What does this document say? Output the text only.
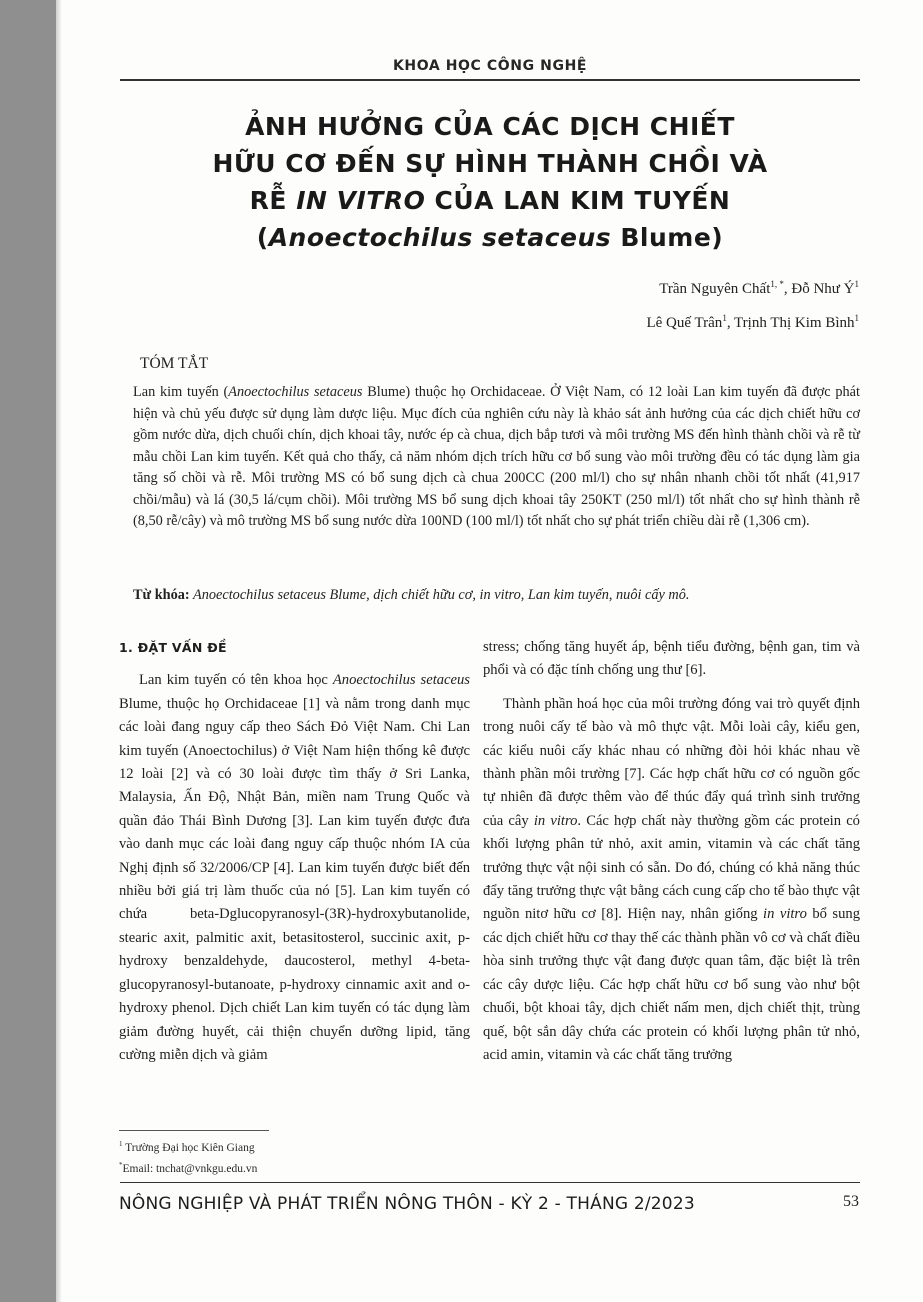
KHOA HỌC CÔNG NGHỆ
ẢNH HƯỞNG CỦA CÁC DỊCH CHIẾT
HỮU CƠ ĐẾN SỰ HÌNH THÀNH CHỒI VÀ
RỄ IN VITRO CỦA LAN KIM TUYẾN
(Anoectochilus setaceus Blume)
Trần Nguyên Chất$^{1, *}$, Đỗ Như $Ý^1$
Lê Quế Trân$^1$, Trịnh Thị Kim Bình$^1$
TÓM TẮT
Lan kim tuyến (Anoectochilus setaceus Blume) thuộc họ Orchidaceae. Ở Việt Nam, có 12 loài Lan kim tuyến đã được phát hiện và chủ yếu được sử dụng làm dược liệu. Mục đích của nghiên cứu này là khảo sát ảnh hưởng của các dịch chiết hữu cơ gồm nước dừa, dịch chuối chín, dịch khoai tây, nước ép cà chua, dịch bắp tươi và môi trường MS đến hình thành chồi và rễ từ mẫu chồi Lan kim tuyến. Kết quả cho thấy, cả năm nhóm dịch trích hữu cơ bổ sung vào môi trường đều có tác dụng làm gia tăng số chồi và rễ. Môi trường MS có bổ sung dịch cà chua 200CC (200 ml/l) cho sự nhân nhanh chồi tốt nhất (41,917 chồi/mẫu) và lá (30,5 lá/cụm chồi). Môi trường MS bổ sung dịch khoai tây 250KT (250 ml/l) tốt nhất cho sự hình thành rễ (8,50 rễ/cây) và mô trường MS bổ sung nước dừa 100ND (100 ml/l) tốt nhất cho sự phát triển chiều dài rễ (1,306 cm).
Từ khóa: Anoectochilus setaceus Blume, dịch chiết hữu cơ, in vitro, Lan kim tuyến, nuôi cấy mô.
1. ĐẶT VẤN ĐỀ

Lan kim tuyến có tên khoa học Anoectochilus setaceus Blume, thuộc họ Orchidaceae [1] và nằm trong danh mục các loài đang nguy cấp theo Sách Đỏ Việt Nam. Chi Lan kim tuyến (Anoectochilus) ở Việt Nam hiện thống kê được 12 loài [2] và có 30 loài được tìm thấy ở Sri Lanka, Malaysia, Ấn Độ, Nhật Bản, miền nam Trung Quốc và quần đảo Thái Bình Dương [3]. Lan kim tuyến được đưa vào danh mục các loài đang nguy cấp thuộc nhóm IA của Nghị định số 32/2006/CP [4]. Lan kim tuyến được biết đến nhiều bởi giá trị làm thuốc của nó [5]. Lan kim tuyến có chứa beta-Dglucopyranosyl-(3R)-hydroxybutanolide, stearic axit, palmitic axit, betasitosterol, succinic axit, p-hydroxy benzaldehyde, daucosterol, methyl 4-beta-glucopyranosyl-butanoate, p-hydroxy cinnamic axit and o-hydroxy phenol. Dịch chiết Lan kim tuyến có tác dụng làm giảm đường huyết, cải thiện chuyển dưỡng lipid, tăng cường miễn dịch và giảm

stress; chống tăng huyết áp, bệnh tiểu đường, bệnh gan, tim và phổi và có đặc tính chống ung thư [6].

Thành phần hoá học của môi trường đóng vai trò quyết định trong nuôi cấy tế bào và mô thực vật. Mỗi loài cây, kiểu gen, các kiểu nuôi cấy khác nhau có những đòi hỏi khác nhau về thành phần môi trường [7]. Các hợp chất hữu cơ có nguồn gốc tự nhiên đã được thêm vào để thúc đẩy quá trình sinh trưởng của cây in vitro. Các hợp chất này thường gồm các protein có khối lượng phân tử nhỏ, axit amin, vitamin và các chất tăng trưởng thực vật nội sinh có sẵn. Do đó, chúng có khả năng thúc đẩy tăng trưởng thực vật bằng cách cung cấp cho tế bào thực vật nguồn nitơ hữu cơ [8]. Hiện nay, nhân giống in vitro bổ sung các dịch chiết hữu cơ thay thế các thành phần vô cơ và chất điều hòa sinh trưởng thực vật đang được quan tâm, đặc biệt là trên các cây dược liệu. Các hợp chất hữu cơ bổ sung vào như bột chuối, bột khoai tây, dịch chiết nấm men, dịch chiết thịt, trùng quế, bột sắn dây chứa các protein có khối lượng phân tử nhỏ, acid amin, vitamin và các chất tăng trưởng

$^1$ Trường Đại học Kiên Giang
*Email: tnchat@vnkgu.edu.vn
NÔNG NGHIỆP VÀ PHÁT TRIỂN NÔNG THÔN - KỲ 2 - THÁNG 2/2023	53
